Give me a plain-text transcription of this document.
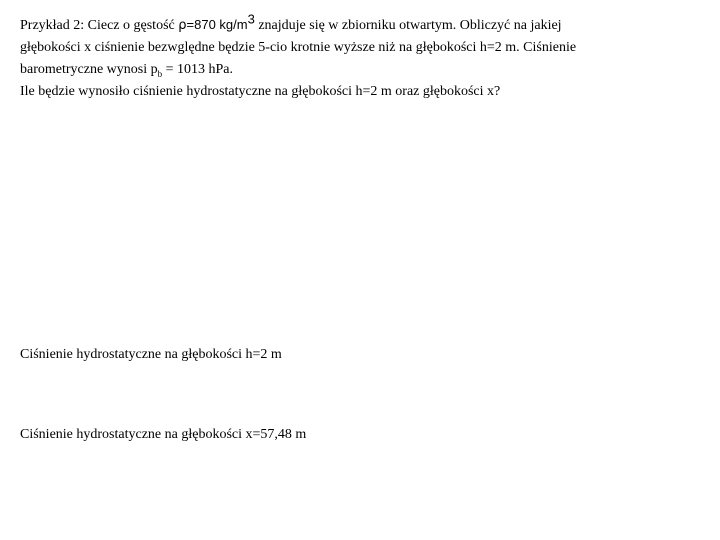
Przykład 2: Ciecz o gęstość ρ=870 $kg/m^3$ znajduje się w zbiorniku otwartym. Obliczyć na jakiej
głębokości x ciśnienie bezwględne będzie 5-cio krotnie wyższe niż na głębokości h=2 m. Ciśnienie
barometryczne wynosi $p_b = 1013$ hPa.
Ile będzie wynosiło ciśnienie hydrostatyczne na głębokości h=2 m oraz głębokości x?
Ciśnienie hydrostatyczne na głębokości h=2 m
Ciśnienie hydrostatyczne na głębokości x=57,48 m
